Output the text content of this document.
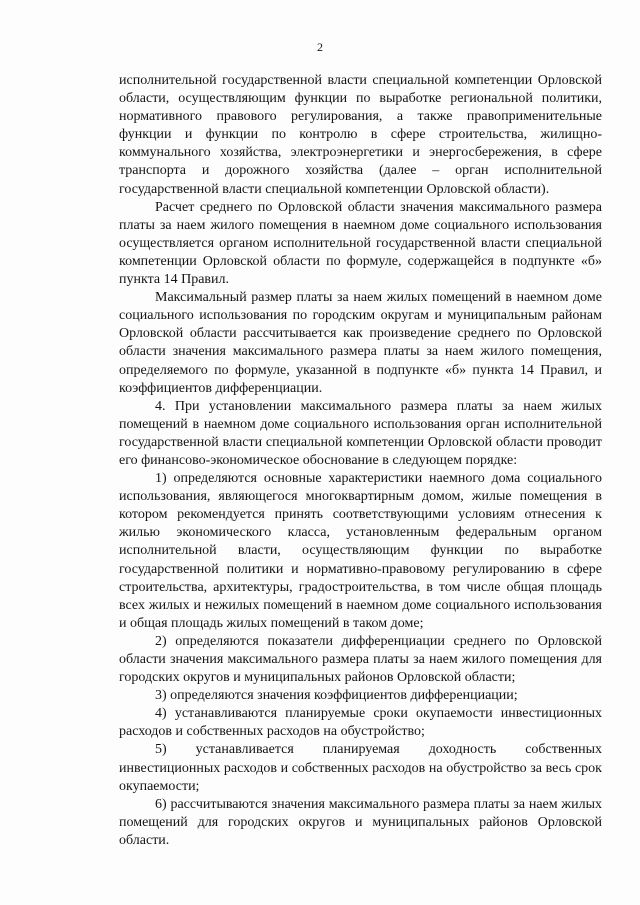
2

исполнительной государственной власти специальной компетенции Орловской области, осуществляющим функции по выработке региональной политики, нормативного правового регулирования, а также правоприменительные функции и функции по контролю в сфере строительства, жилищно-коммунального хозяйства, электроэнергетики и энергосбережения, в сфере транспорта и дорожного хозяйства (далее – орган исполнительной государственной власти специальной компетенции Орловской области).

Расчет среднего по Орловской области значения максимального размера платы за наем жилого помещения в наемном доме социального использования осуществляется органом исполнительной государственной власти специальной компетенции Орловской области по формуле, содержащейся в подпункте «б» пункта 14 Правил.

Максимальный размер платы за наем жилых помещений в наемном доме социального использования по городским округам и муниципальным районам Орловской области рассчитывается как произведение среднего по Орловской области значения максимального размера платы за наем жилого помещения, определяемого по формуле, указанной в подпункте «б» пункта 14 Правил, и коэффициентов дифференциации.

4. При установлении максимального размера платы за наем жилых помещений в наемном доме социального использования орган исполнительной государственной власти специальной компетенции Орловской области проводит его финансово-экономическое обоснование в следующем порядке:

1) определяются основные характеристики наемного дома социального использования, являющегося многоквартирным домом, жилые помещения в котором рекомендуется принять соответствующими условиям отнесения к жилью экономического класса, установленным федеральным органом исполнительной власти, осуществляющим функции по выработке государственной политики и нормативно-правовому регулированию в сфере строительства, архитектуры, градостроительства, в том числе общая площадь всех жилых и нежилых помещений в наемном доме социального использования и общая площадь жилых помещений в таком доме;

2) определяются показатели дифференциации среднего по Орловской области значения максимального размера платы за наем жилого помещения для городских округов и муниципальных районов Орловской области;

3) определяются значения коэффициентов дифференциации;

4) устанавливаются планируемые сроки окупаемости инвестиционных расходов и собственных расходов на обустройство;

5) устанавливается планируемая доходность собственных инвестиционных расходов и собственных расходов на обустройство за весь срок окупаемости;

6) рассчитываются значения максимального размера платы за наем жилых помещений для городских округов и муниципальных районов Орловской области.
